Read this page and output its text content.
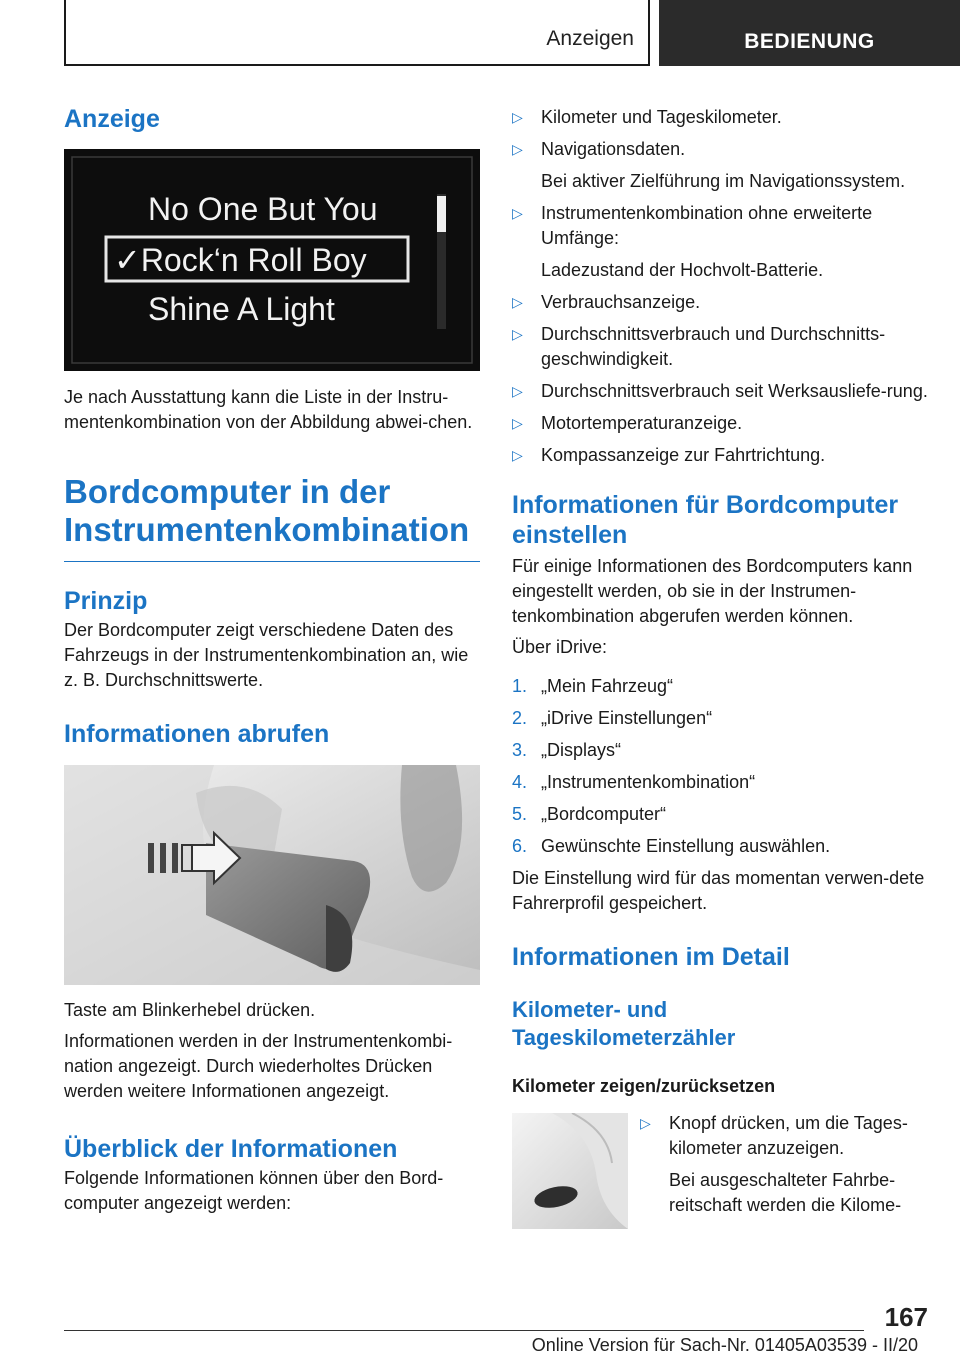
Anzeigen	BEDIENUNG
Anzeige
No One But You
✓Rock‘n Roll Boy
Shine A Light

Je nach Ausstattung kann die Liste in der Instru-mentenkombination von der Abbildung abwei-chen.

Bordcomputer in der Instrumentenkombination
Prinzip

Der Bordcomputer zeigt verschiedene Daten des Fahrzeugs in der Instrumentenkombination an, wie z. B. Durchschnittswerte.

Informationen abrufen

Taste am Blinkerhebel drücken.

Informationen werden in der Instrumentenkombi-nation angezeigt. Durch wiederholtes Drücken werden weitere Informationen angezeigt.

Überblick der Informationen

Folgende Informationen können über den Bord-computer angezeigt werden:

▷ Kilometer und Tageskilometer.
▷ Navigationsdaten.
Bei aktiver Zielführung im Navigationssystem.
▷ Instrumentenkombination ohne erweiterte Umfänge:
Ladezustand der Hochvolt-Batterie.
▷ Verbrauchsanzeige.
▷ Durchschnittsverbrauch und Durchschnitts-geschwindigkeit.
▷ Durchschnittsverbrauch seit Werksausliefe-rung.
▷ Motortemperaturanzeige.
▷ Kompassanzeige zur Fahrtrichtung.
Informationen für Bordcomputer einstellen

Für einige Informationen des Bordcomputers kann eingestellt werden, ob sie in der Instrumen-tenkombination abgerufen werden können.

Über iDrive:

1. „Mein Fahrzeug“
2. „iDrive Einstellungen“
3. „Displays“
4. „Instrumentenkombination“
5. „Bordcomputer“
6. Gewünschte Einstellung auswählen.

Die Einstellung wird für das momentan verwen-dete Fahrerprofil gespeichert.

Informationen im Detail
Kilometer- und Tageskilometerzähler
Kilometer zeigen/zurücksetzen
▷ Knopf drücken, um die Tages-kilometer anzuzeigen.
Bei ausgeschalteter Fahrbe-reitschaft werden die Kilome-
167
Online Version für Sach-Nr. 01405A03539 - II/20
